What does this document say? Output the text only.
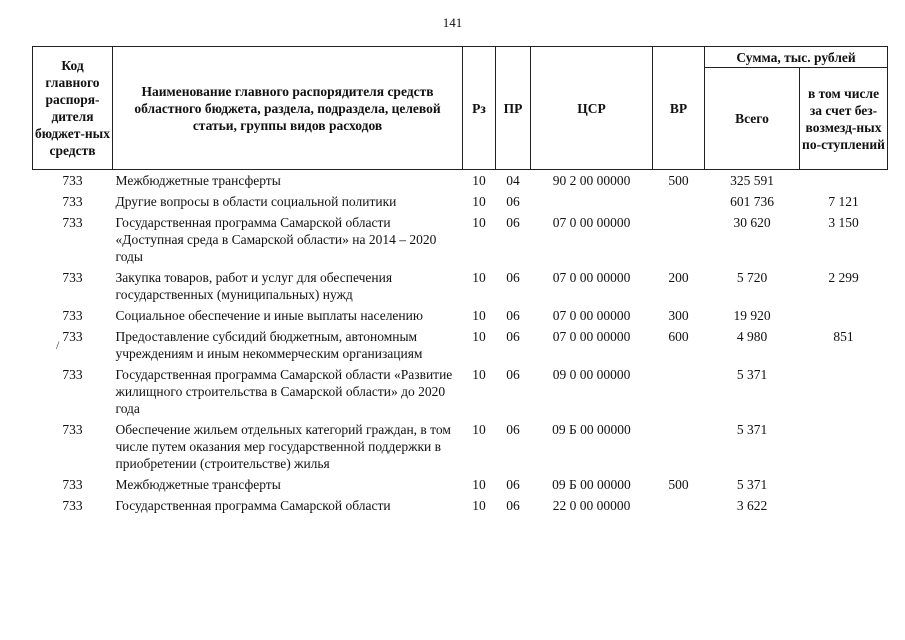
141
Код главного распоря-дителя бюджет-ных средств	Наименование главного распорядителя средств областного бюджета, раздела, подраздела, целевой статьи, группы видов расходов	Рз	ПР	ЦСР	ВР	Сумма, тыс. рублей	
						Всего	в том числе за счет без-возмезд-ных по-ступлений
733	Межбюджетные трансферты	10	04	90 2 00 00000	500	325 591	
733	Другие вопросы в области социальной политики	10	06			601 736	7 121
733	Государственная программа Самарской области «Доступная среда в Самарской области» на 2014 – 2020 годы	10	06	07 0 00 00000		30 620	3 150
733	Закупка товаров, работ и услуг для обеспечения государственных (муниципальных) нужд	10	06	07 0 00 00000	200	5 720	2 299
733	Социальное обеспечение и иные выплаты населению	10	06	07 0 00 00000	300	19 920	
733	Предоставление субсидий бюджетным, автономным учреждениям и иным некоммерческим организациям	10	06	07 0 00 00000	600	4 980	851
733	Государственная программа Самарской области «Развитие жилищного строительства в Самарской области» до 2020 года	10	06	09 0 00 00000		5 371	
733	Обеспечение жильем отдельных категорий граждан, в том числе путем оказания мер государственной поддержки в приобретении (строительстве) жилья	10	06	09 Б 00 00000		5 371	
733	Межбюджетные трансферты	10	06	09 Б 00 00000	500	5 371	
733	Государственная программа Самарской области	10	06	22 0 00 00000		3 622	
/
